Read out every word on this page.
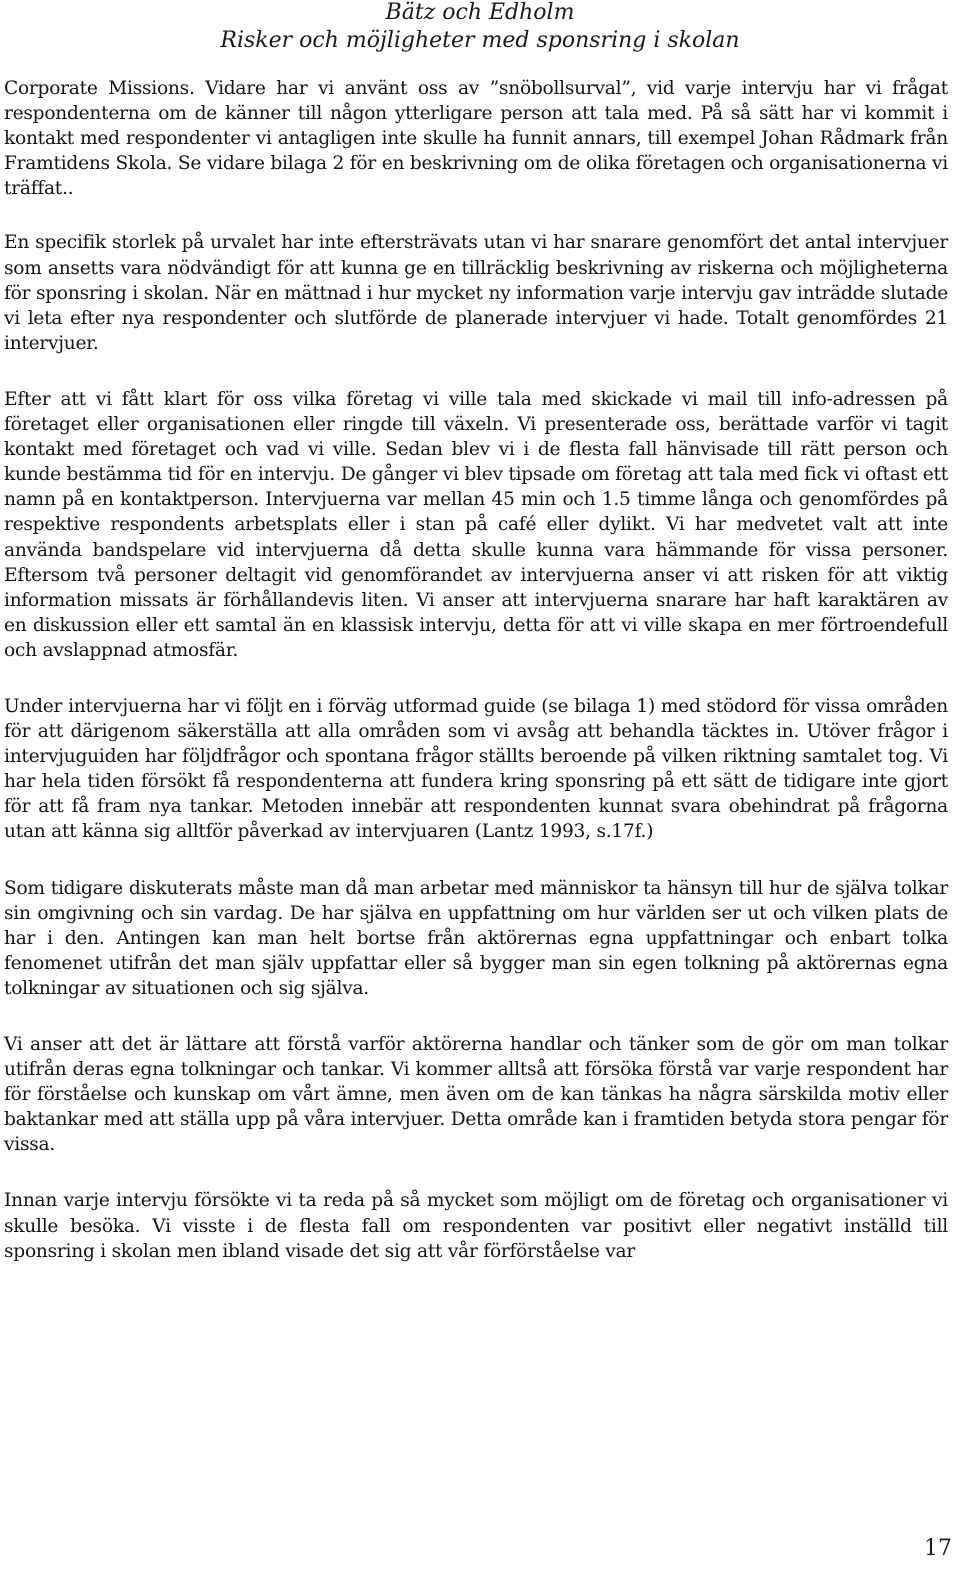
Bätz och Edholm
Risker och möjligheter med sponsring i skolan

Corporate Missions. Vidare har vi använt oss av ”snöbollsurval”, vid varje intervju har vi frågat respondenterna om de känner till någon ytterligare person att tala med. På så sätt har vi kommit i kontakt med respondenter vi antagligen inte skulle ha funnit annars, till exempel Johan Rådmark från Framtidens Skola. Se vidare bilaga 2 för en beskrivning om de olika företagen och organisationerna vi träffat..

En specifik storlek på urvalet har inte eftersträvats utan vi har snarare genomfört det antal intervjuer som ansetts vara nödvändigt för att kunna ge en tillräcklig beskrivning av riskerna och möjligheterna för sponsring i skolan. När en mättnad i hur mycket ny information varje intervju gav inträdde slutade vi leta efter nya respondenter och slutförde de planerade intervjuer vi hade. Totalt genomfördes 21 intervjuer.

Efter att vi fått klart för oss vilka företag vi ville tala med skickade vi mail till info-adressen på företaget eller organisationen eller ringde till växeln. Vi presenterade oss, berättade varför vi tagit kontakt med företaget och vad vi ville. Sedan blev vi i de flesta fall hänvisade till rätt person och kunde bestämma tid för en intervju. De gånger vi blev tipsade om företag att tala med fick vi oftast ett namn på en kontaktperson. Intervjuerna var mellan 45 min och 1.5 timme långa och genomfördes på respektive respondents arbetsplats eller i stan på café eller dylikt. Vi har medvetet valt att inte använda bandspelare vid intervjuerna då detta skulle kunna vara hämmande för vissa personer. Eftersom två personer deltagit vid genomförandet av intervjuerna anser vi att risken för att viktig information missats är förhållandevis liten. Vi anser att intervjuerna snarare har haft karaktären av en diskussion eller ett samtal än en klassisk intervju, detta för att vi ville skapa en mer förtroendefull och avslappnad atmosfär.

Under intervjuerna har vi följt en i förväg utformad guide (se bilaga 1) med stödord för vissa områden för att därigenom säkerställa att alla områden som vi avsåg att behandla täcktes in. Utöver frågor i intervjuguiden har följdfrågor och spontana frågor ställts beroende på vilken riktning samtalet tog. Vi har hela tiden försökt få respondenterna att fundera kring sponsring på ett sätt de tidigare inte gjort för att få fram nya tankar. Metoden innebär att respondenten kunnat svara obehindrat på frågorna utan att känna sig alltför påverkad av intervjuaren (Lantz 1993, s.17f.)

Som tidigare diskuterats måste man då man arbetar med människor ta hänsyn till hur de själva tolkar sin omgivning och sin vardag. De har själva en uppfattning om hur världen ser ut och vilken plats de har i den. Antingen kan man helt bortse från aktörernas egna uppfattningar och enbart tolka fenomenet utifrån det man själv uppfattar eller så bygger man sin egen tolkning på aktörernas egna tolkningar av situationen och sig själva.

Vi anser att det är lättare att förstå varför aktörerna handlar och tänker som de gör om man tolkar utifrån deras egna tolkningar och tankar. Vi kommer alltså att försöka förstå var varje respondent har för förståelse och kunskap om vårt ämne, men även om de kan tänkas ha några särskilda motiv eller baktankar med att ställa upp på våra intervjuer. Detta område kan i framtiden betyda stora pengar för vissa.

Innan varje intervju försökte vi ta reda på så mycket som möjligt om de företag och organisationer vi skulle besöka. Vi visste i de flesta fall om respondenten var positivt eller negativt inställd till sponsring i skolan men ibland visade det sig att vår förförståelse var

17
